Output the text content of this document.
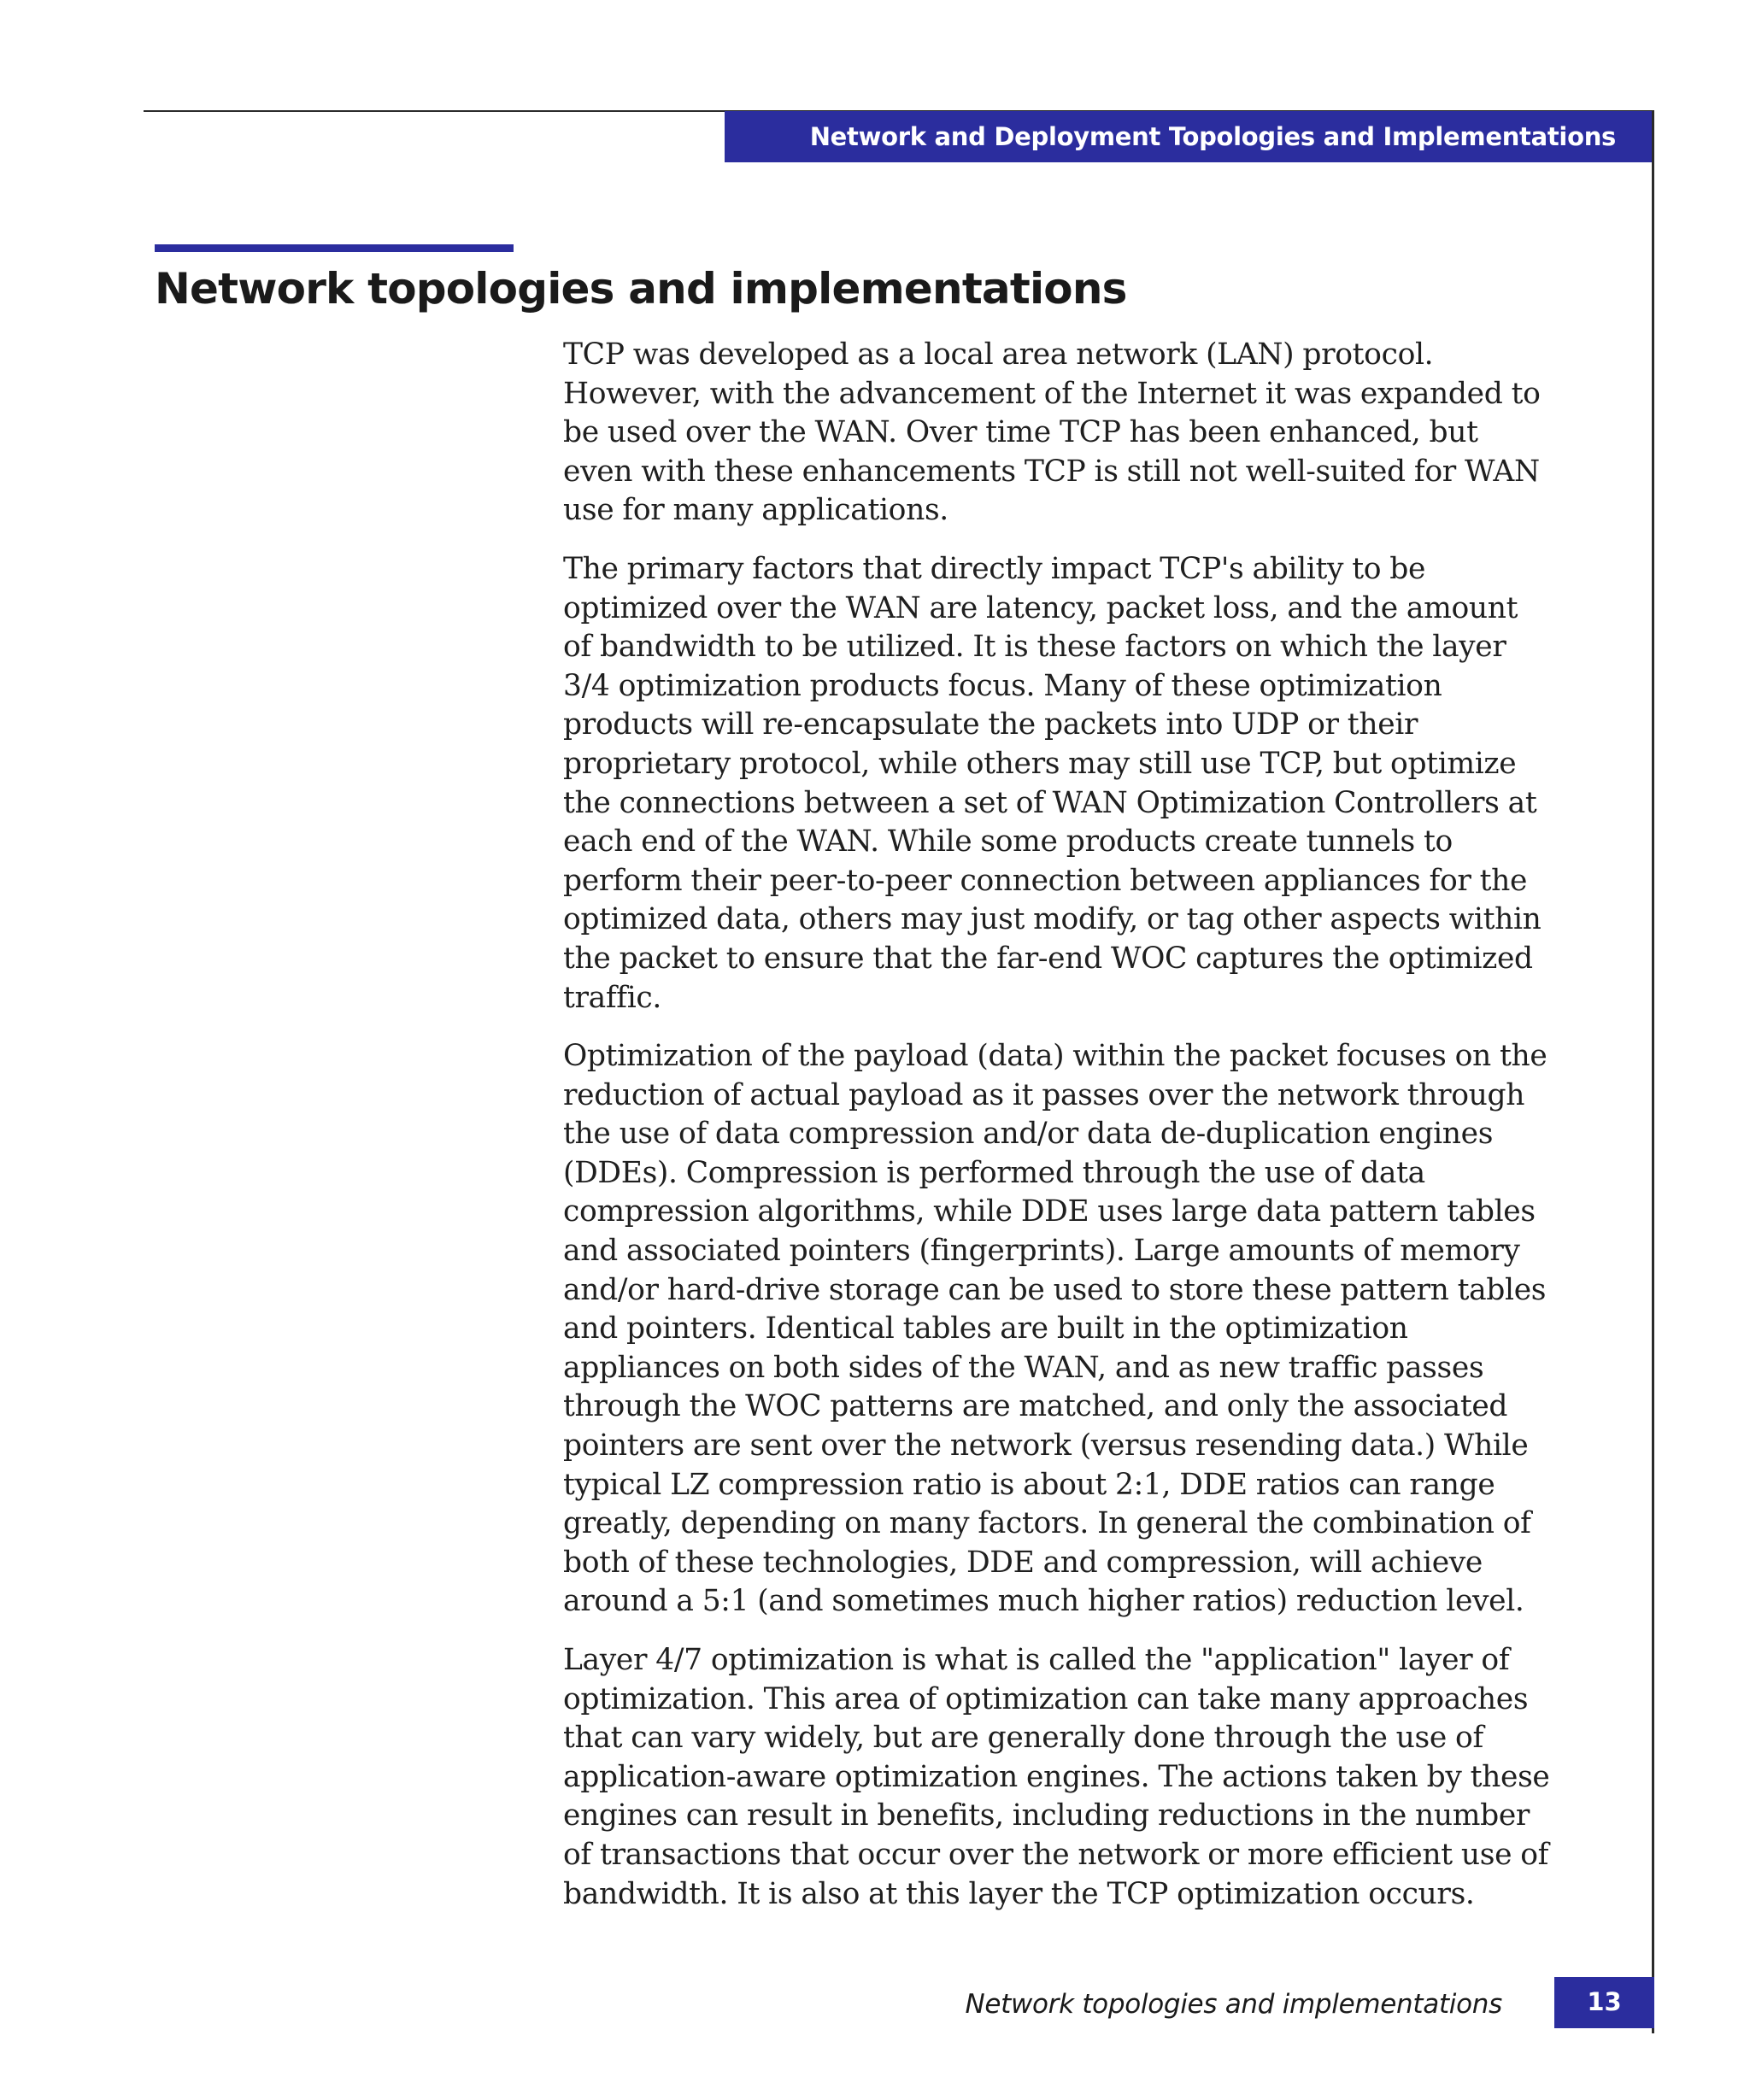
Network and Deployment Topologies and Implementations
Network topologies and implementations

TCP was developed as a local area network (LAN) protocol. However, with the advancement of the Internet it was expanded to be used over the WAN. Over time TCP has been enhanced, but even with these enhancements TCP is still not well-suited for WAN use for many applications.

The primary factors that directly impact TCP's ability to be optimized over the WAN are latency, packet loss, and the amount of bandwidth to be utilized. It is these factors on which the layer 3/4 optimization products focus. Many of these optimization products will re-encapsulate the packets into UDP or their proprietary protocol, while others may still use TCP, but optimize the connections between a set of WAN Optimization Controllers at each end of the WAN. While some products create tunnels to perform their peer-to-peer connection between appliances for the optimized data, others may just modify, or tag other aspects within the packet to ensure that the far-end WOC captures the optimized traffic.

Optimization of the payload (data) within the packet focuses on the reduction of actual payload as it passes over the network through the use of data compression and/or data de-duplication engines (DDEs). Compression is performed through the use of data compression algorithms, while DDE uses large data pattern tables and associated pointers (fingerprints). Large amounts of memory and/or hard-drive storage can be used to store these pattern tables and pointers. Identical tables are built in the optimization appliances on both sides of the WAN, and as new traffic passes through the WOC patterns are matched, and only the associated pointers are sent over the network (versus resending data.) While typical LZ compression ratio is about 2:1, DDE ratios can range greatly, depending on many factors. In general the combination of both of these technologies, DDE and compression, will achieve around a 5:1 (and sometimes much higher ratios) reduction level.

Layer 4/7 optimization is what is called the "application" layer of optimization. This area of optimization can take many approaches that can vary widely, but are generally done through the use of application-aware optimization engines. The actions taken by these engines can result in benefits, including reductions in the number of transactions that occur over the network or more efficient use of bandwidth. It is also at this layer the TCP optimization occurs.

Network topologies and implementations	13
